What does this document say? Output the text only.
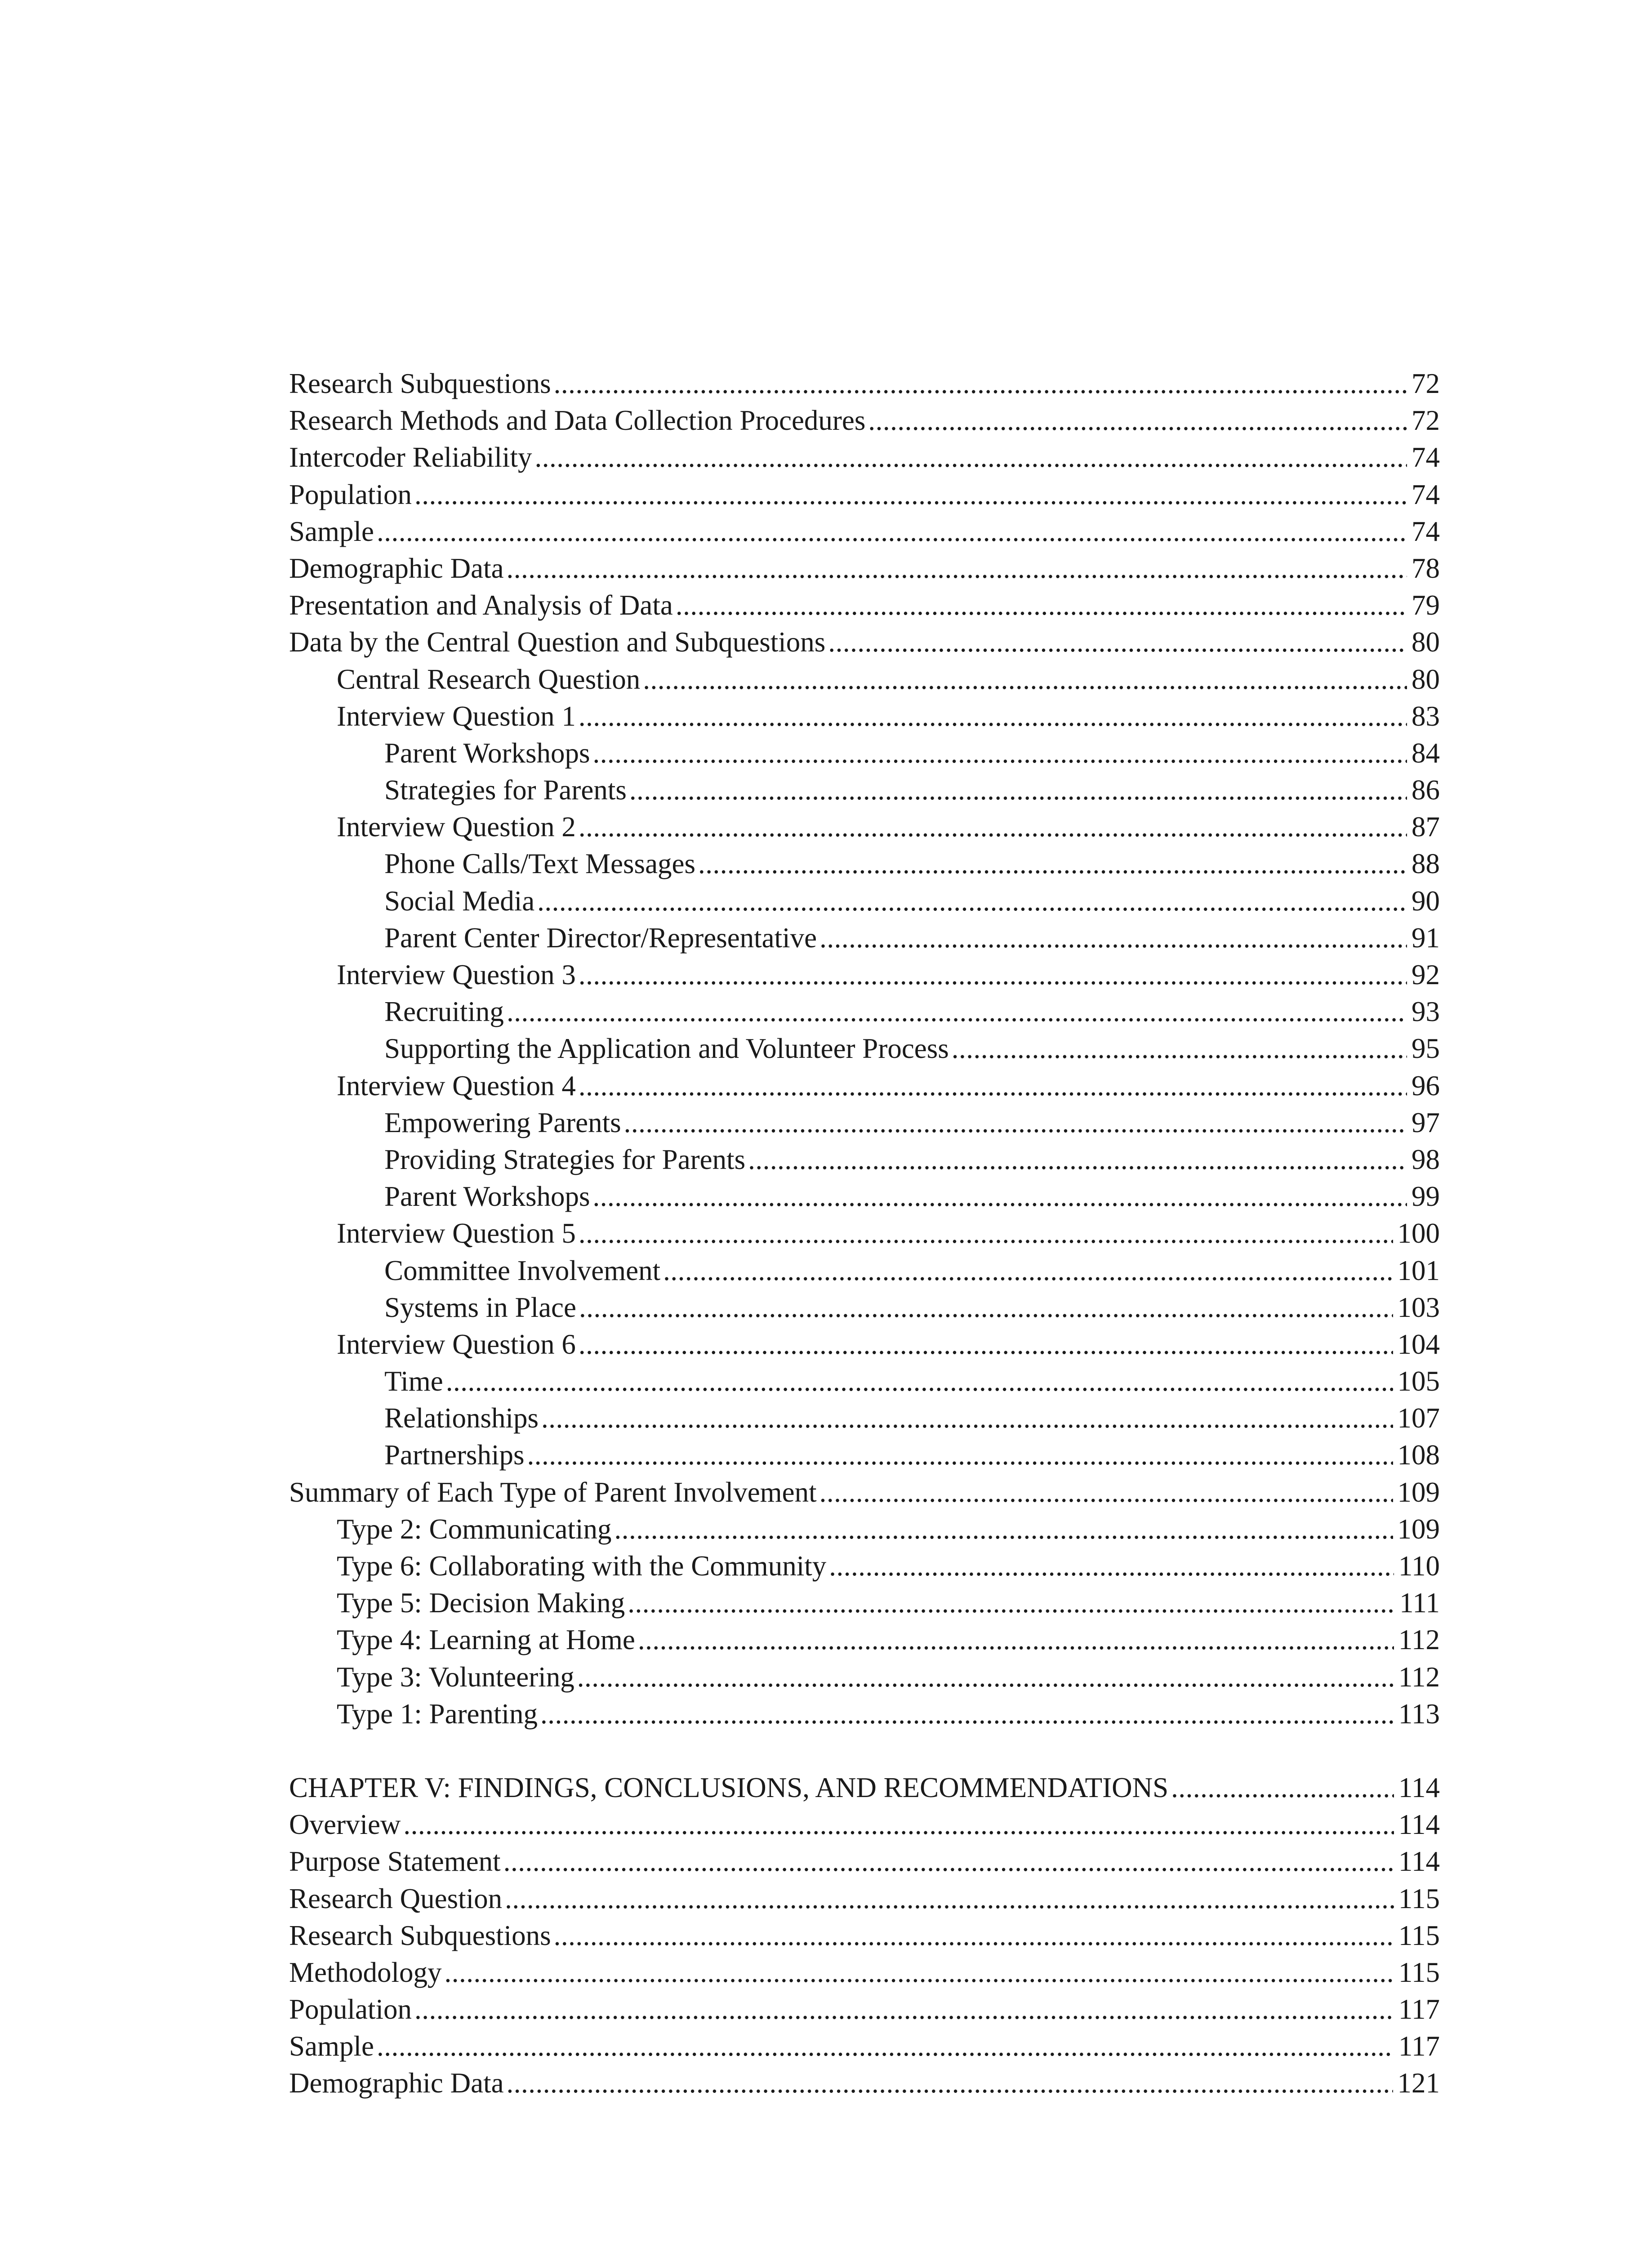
Research Subquestions .....	72
Research Methods and Data Collection Procedures .....	72
Intercoder Reliability .....	74
Population .....	74
Sample .....	74
Demographic Data .....	78
Presentation and Analysis of Data .....	79
Data by the Central Question and Subquestions .....	80
Central Research Question .....	80
Interview Question 1 .....	83
Parent Workshops .....	84
Strategies for Parents .....	86
Interview Question 2 .....	87
Phone Calls/Text Messages .....	88
Social Media .....	90
Parent Center Director/Representative .....	91
Interview Question 3 .....	92
Recruiting .....	93
Supporting the Application and Volunteer Process .....	95
Interview Question 4 .....	96
Empowering Parents .....	97
Providing Strategies for Parents .....	98
Parent Workshops .....	99
Interview Question 5 .....	100
Committee Involvement .....	101
Systems in Place .....	103
Interview Question 6 .....	104
Time .....	105
Relationships .....	107
Partnerships .....	108
Summary of Each Type of Parent Involvement .....	109
Type 2: Communicating .....	109
Type 6: Collaborating with the Community .....	110
Type 5: Decision Making .....	111
Type 4: Learning at Home .....	112
Type 3: Volunteering .....	112
Type 1: Parenting .....	113
CHAPTER V: FINDINGS, CONCLUSIONS, AND RECOMMENDATIONS .....	114
Overview .....	114
Purpose Statement .....	114
Research Question .....	115
Research Subquestions .....	115
Methodology .....	115
Population .....	117
Sample .....	117
Demographic Data .....	121
